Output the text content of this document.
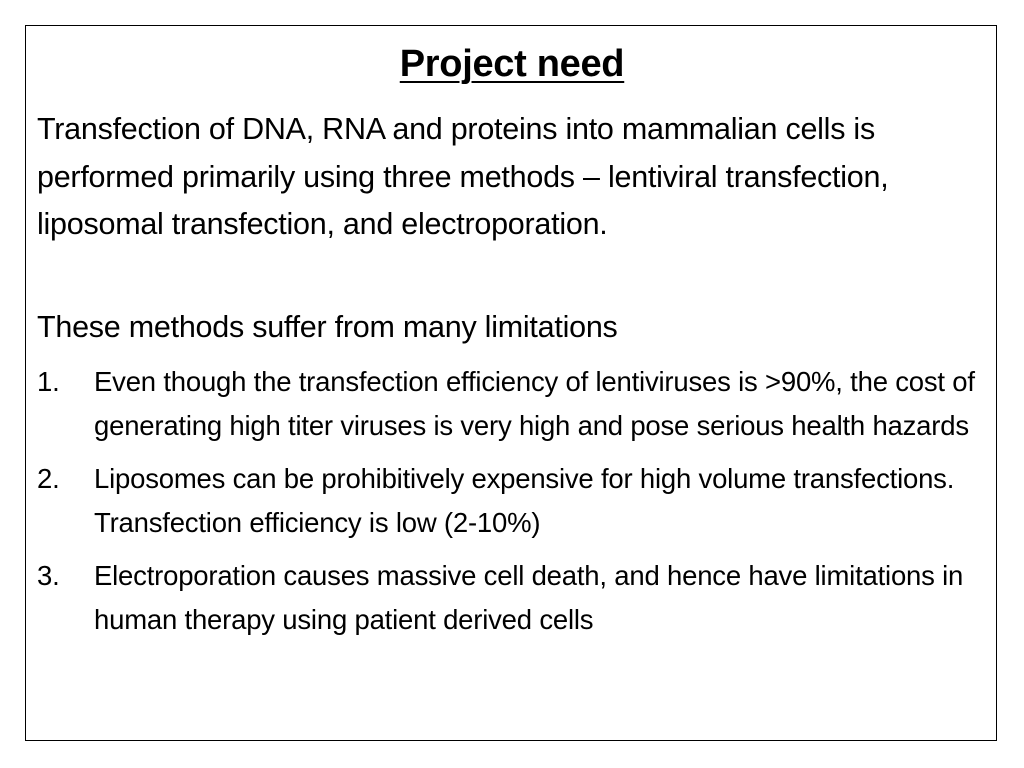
Project need

Transfection of DNA, RNA and proteins into mammalian cells is performed primarily using three methods – lentiviral transfection, liposomal transfection, and electroporation.

These methods suffer from many limitations

1. Even though the transfection efficiency of lentiviruses is >90%, the cost of generating high titer viruses is very high and pose serious health hazards
2. Liposomes can be prohibitively expensive for high volume transfections. Transfection efficiency is low (2-10%)
3. Electroporation causes massive cell death, and hence have limitations in human therapy using patient derived cells
